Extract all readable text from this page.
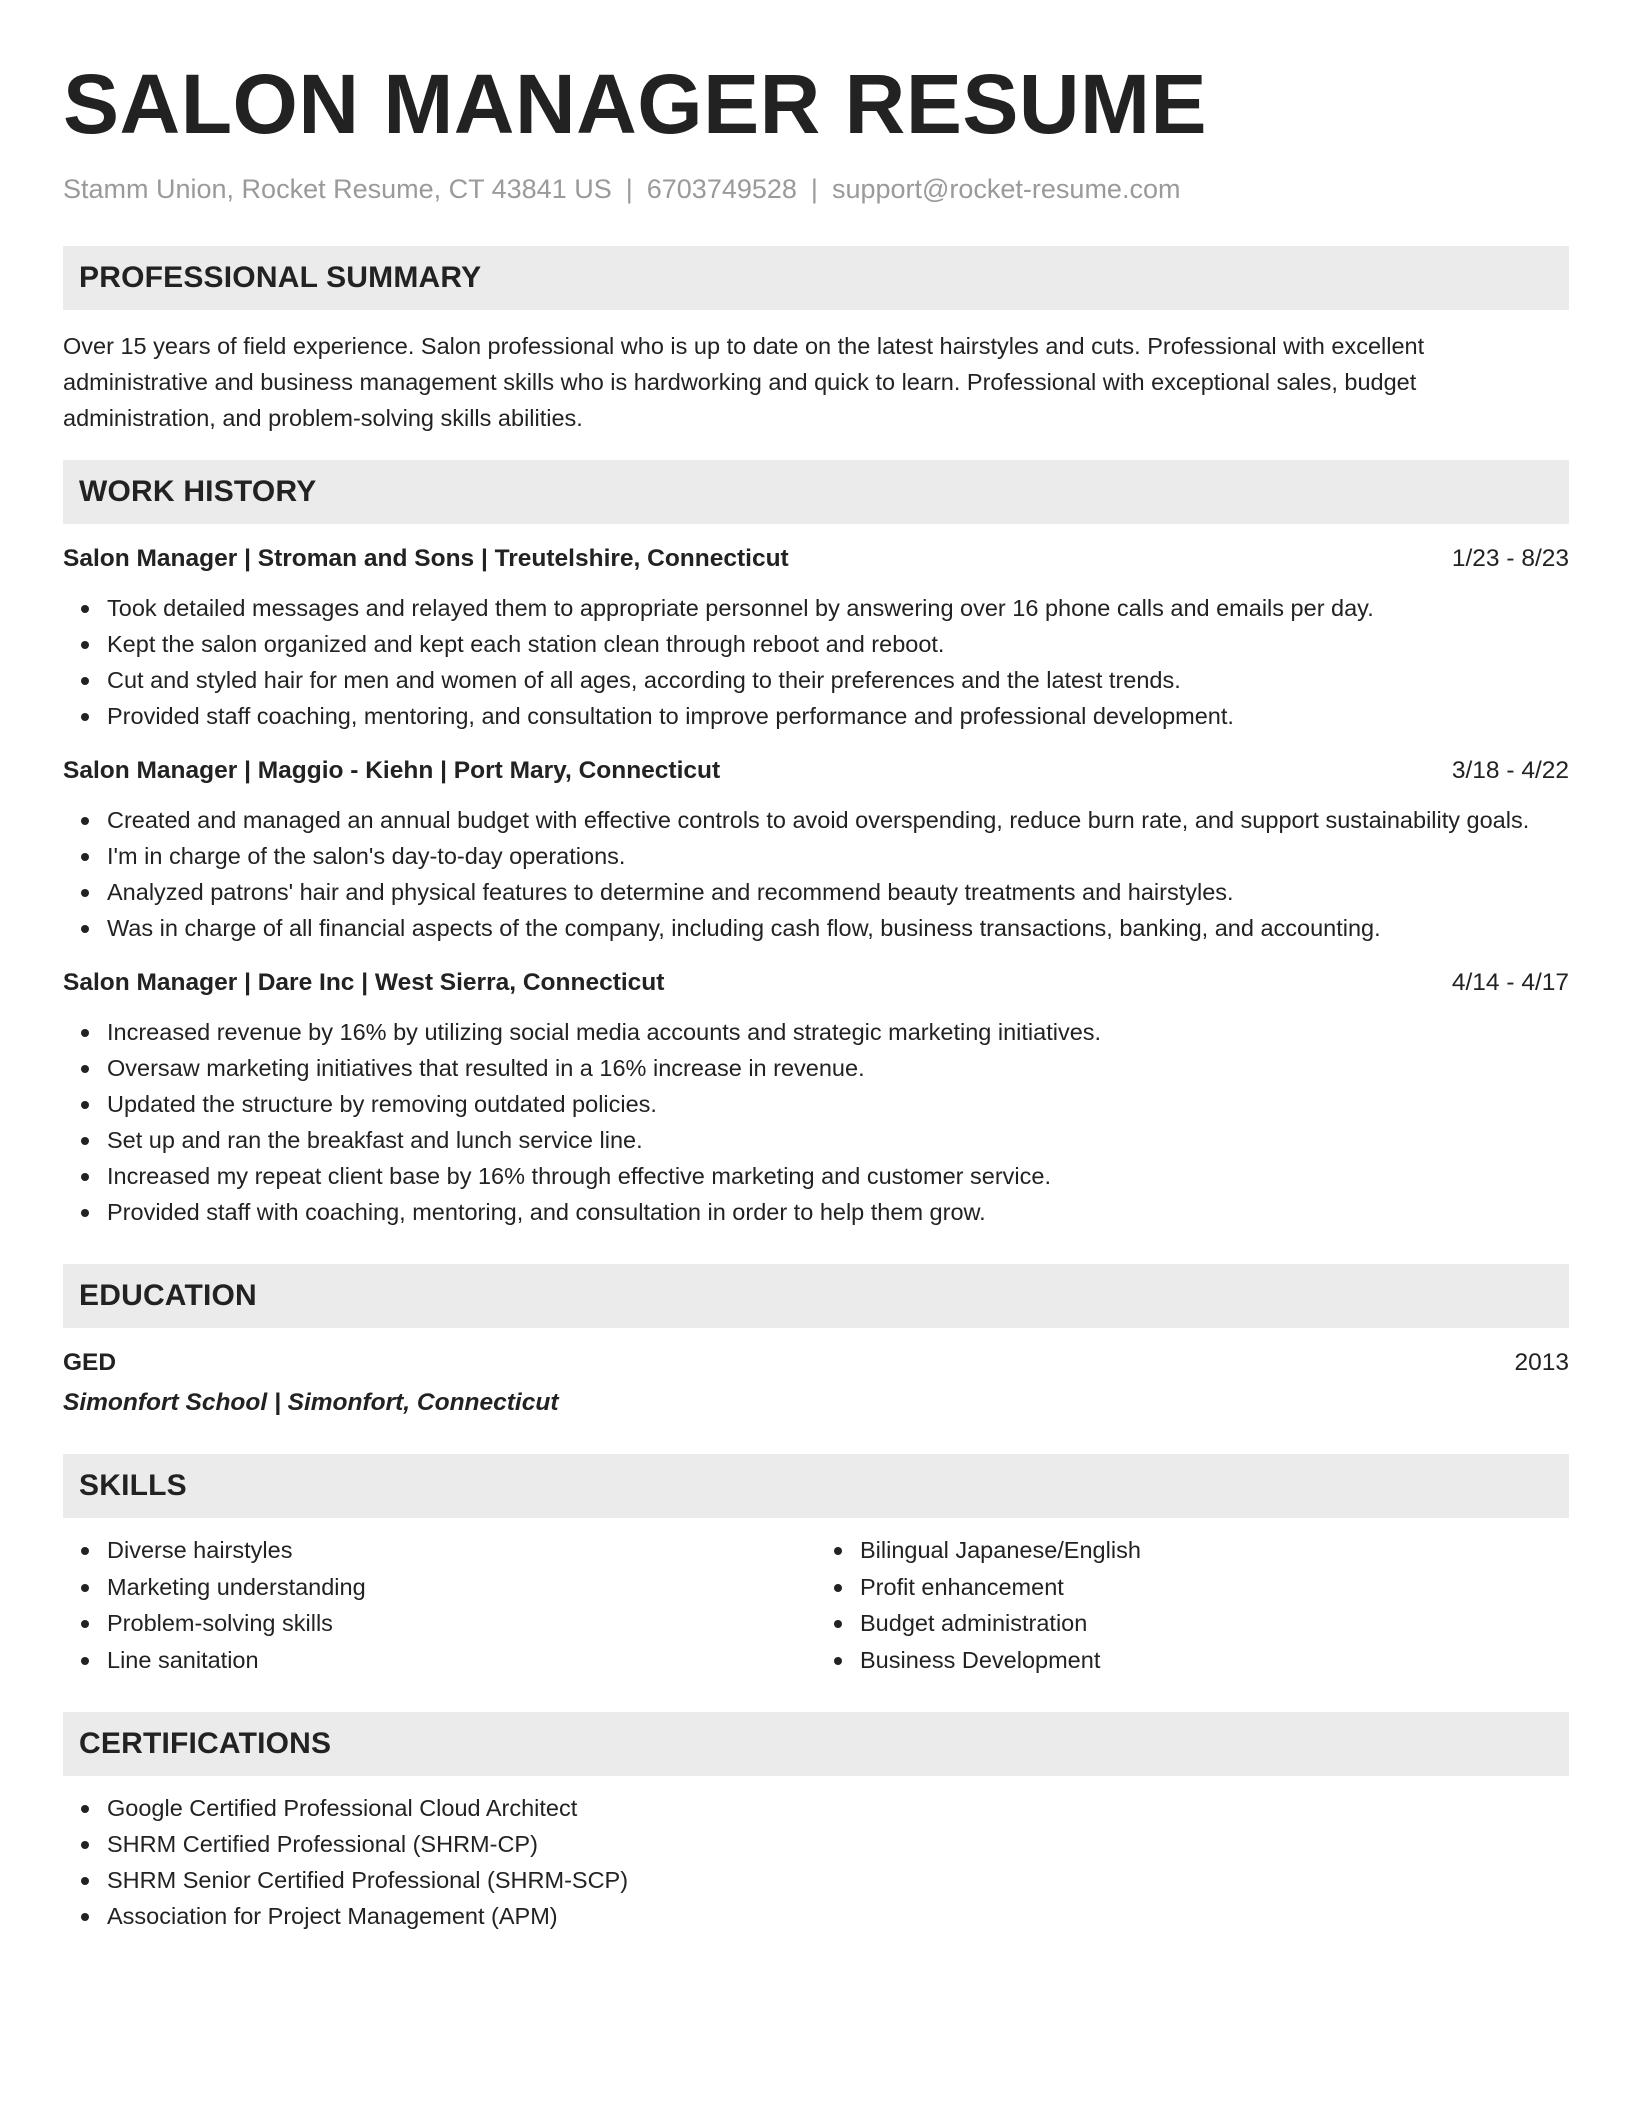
SALON MANAGER RESUME
Stamm Union, Rocket Resume, CT 43841 US | 6703749528 | support@rocket-resume.com
PROFESSIONAL SUMMARY
Over 15 years of field experience. Salon professional who is up to date on the latest hairstyles and cuts. Professional with excellent administrative and business management skills who is hardworking and quick to learn. Professional with exceptional sales, budget administration, and problem-solving skills abilities.
WORK HISTORY
Salon Manager | Stroman and Sons | Treutelshire, Connecticut	1/23 - 8/23
Took detailed messages and relayed them to appropriate personnel by answering over 16 phone calls and emails per day.
Kept the salon organized and kept each station clean through reboot and reboot.
Cut and styled hair for men and women of all ages, according to their preferences and the latest trends.
Provided staff coaching, mentoring, and consultation to improve performance and professional development.
Salon Manager | Maggio - Kiehn | Port Mary, Connecticut	3/18 - 4/22
Created and managed an annual budget with effective controls to avoid overspending, reduce burn rate, and support sustainability goals.
I'm in charge of the salon's day-to-day operations.
Analyzed patrons' hair and physical features to determine and recommend beauty treatments and hairstyles.
Was in charge of all financial aspects of the company, including cash flow, business transactions, banking, and accounting.
Salon Manager | Dare Inc | West Sierra, Connecticut	4/14 - 4/17
Increased revenue by 16% by utilizing social media accounts and strategic marketing initiatives.
Oversaw marketing initiatives that resulted in a 16% increase in revenue.
Updated the structure by removing outdated policies.
Set up and ran the breakfast and lunch service line.
Increased my repeat client base by 16% through effective marketing and customer service.
Provided staff with coaching, mentoring, and consultation in order to help them grow.
EDUCATION
GED	2013
Simonfort School | Simonfort, Connecticut
SKILLS
Diverse hairstyles
Marketing understanding
Problem-solving skills
Line sanitation
Bilingual Japanese/English
Profit enhancement
Budget administration
Business Development
CERTIFICATIONS
Google Certified Professional Cloud Architect
SHRM Certified Professional (SHRM-CP)
SHRM Senior Certified Professional (SHRM-SCP)
Association for Project Management (APM)
